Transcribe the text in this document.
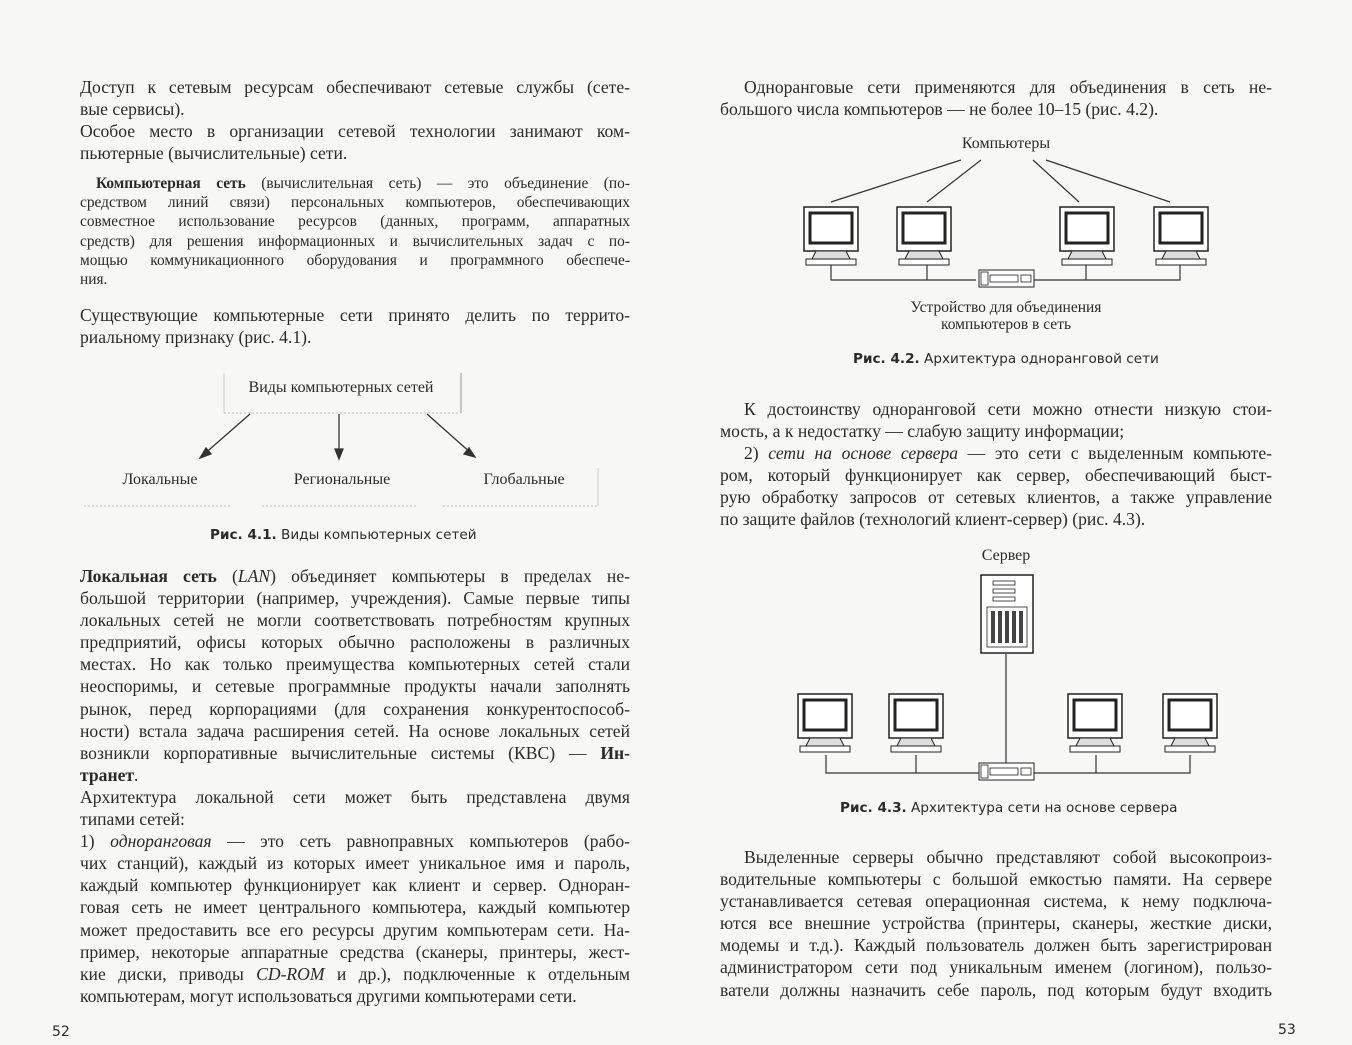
Доступ к сетевым ресурсам обеспечивают сетевые службы (сете-
вые сервисы).
Особое место в организации сетевой технологии занимают ком-
пьютерные (вычислительные) сети.
Компьютерная сеть (вычислительная сеть) — это объединение (по-
средством линий связи) персональных компьютеров, обеспечивающих
совместное использование ресурсов (данных, программ, аппаратных
средств) для решения информационных и вычислительных задач с по-
мощью коммуникационного оборудования и программного обеспече-
ния.
Существующие компьютерные сети принято делить по террито-
риальному признаку (рис. 4.1).
Виды компьютерных сетей
Локальные	Региональные	Глобальные
Рис. 4.1. Виды компьютерных сетей
Локальная сеть (LAN) объединяет компьютеры в пределах не-
большой территории (например, учреждения). Самые первые типы
локальных сетей не могли соответствовать потребностям крупных
предприятий, офисы которых обычно расположены в различных
местах. Но как только преимущества компьютерных сетей стали
неоспоримы, и сетевые программные продукты начали заполнять
рынок, перед корпорациями (для сохранения конкурентоспособ-
ности) встала задача расширения сетей. На основе локальных сетей
возникли корпоративные вычислительные системы (КВС) — Ин-
транет.
Архитектура локальной сети может быть представлена двумя
типами сетей:
1) одноранговая — это сеть равноправных компьютеров (рабо-
чих станций), каждый из которых имеет уникальное имя и пароль,
каждый компьютер функционирует как клиент и сервер. Одноран-
говая сеть не имеет центрального компьютера, каждый компьютер
может предоставить все его ресурсы другим компьютерам сети. На-
пример, некоторые аппаратные средства (сканеры, принтеры, жест-
кие диски, приводы CD-ROM и др.), подключенные к отдельным
компьютерам, могут использоваться другими компьютерами сети.
52
Одноранговые сети применяются для объединения в сеть не-
большого числа компьютеров — не более 10–15 (рис. 4.2).
Компьютеры
Устройство для объединения
компьютеров в сеть
Рис. 4.2. Архитектура одноранговой сети
К достоинству одноранговой сети можно отнести низкую стои-
мость, а к недостатку — слабую защиту информации;
2) сети на основе сервера — это сети с выделенным компьюте-
ром, который функционирует как сервер, обеспечивающий быст-
рую обработку запросов от сетевых клиентов, а также управление
по защите файлов (технологий клиент-сервер) (рис. 4.3).
Сервер
Рис. 4.3. Архитектура сети на основе сервера
Выделенные серверы обычно представляют собой высокопроиз-
водительные компьютеры с большой емкостью памяти. На сервере
устанавливается сетевая операционная система, к нему подключа-
ются все внешние устройства (принтеры, сканеры, жесткие диски,
модемы и т.д.). Каждый пользователь должен быть зарегистрирован
администратором сети под уникальным именем (логином), пользо-
ватели должны назначить себе пароль, под которым будут входить
53
